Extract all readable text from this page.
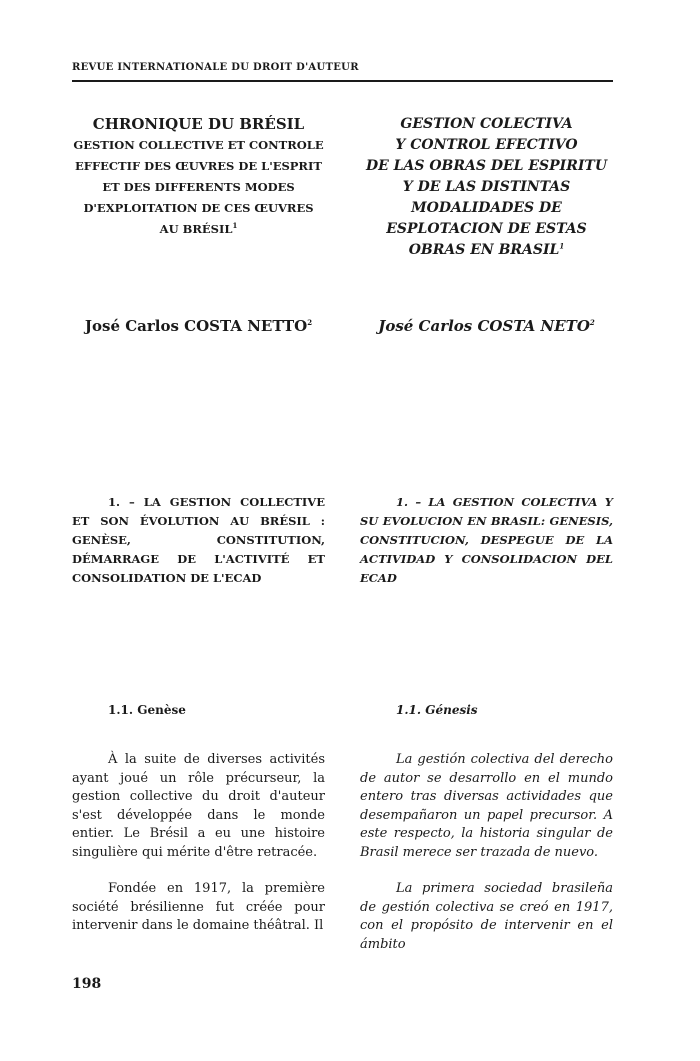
REVUE INTERNATIONALE DU DROIT D'AUTEUR

CHRONIQUE DU BRÉSIL

GESTION COLLECTIVE ET CONTROLE

EFFECTIF DES ŒUVRES DE L'ESPRIT

ET DES DIFFERENTS MODES

D'EXPLOITATION DE CES ŒUVRES

AU BRÉSIL$^1$

GESTION COLECTIVA

Y CONTROL EFECTIVO

DE LAS OBRAS DEL ESPIRITU

Y DE LAS DISTINTAS

MODALIDADES DE

ESPLOTACION DE ESTAS

OBRAS EN BRASIL$^1$

José Carlos COSTA NETTO$^2$	José Carlos COSTA NETO$^2$

1. – LA GESTION COLLECTIVE ET SON ÉVOLUTION AU BRÉSIL : GENÈSE, CONSTITUTION, DÉMARRAGE DE L'ACTIVITÉ ET CONSOLIDATION DE L'ECAD

1. – LA GESTION COLECTIVA Y SU EVOLUCION EN BRASIL: GENESIS, CONSTITUCION, DESPEGUE DE LA ACTIVIDAD Y CONSOLIDACION DEL ECAD

1.1. Genèse	1.1. Génesis

À la suite de diverses activités ayant joué un rôle précurseur, la gestion collective du droit d'auteur s'est développée dans le monde entier. Le Brésil a eu une histoire singulière qui mérite d'être retracée.

Fondée en 1917, la première société brésilienne fut créée pour intervenir dans le domaine théâtral. Il

La gestión colectiva del derecho de autor se desarrollo en el mundo entero tras diversas actividades que desempañaron un papel precursor. A este respecto, la historia singular de Brasil merece ser trazada de nuevo.

La primera sociedad brasileña de gestión colectiva se creó en 1917, con el propósito de intervenir en el ámbito

198
